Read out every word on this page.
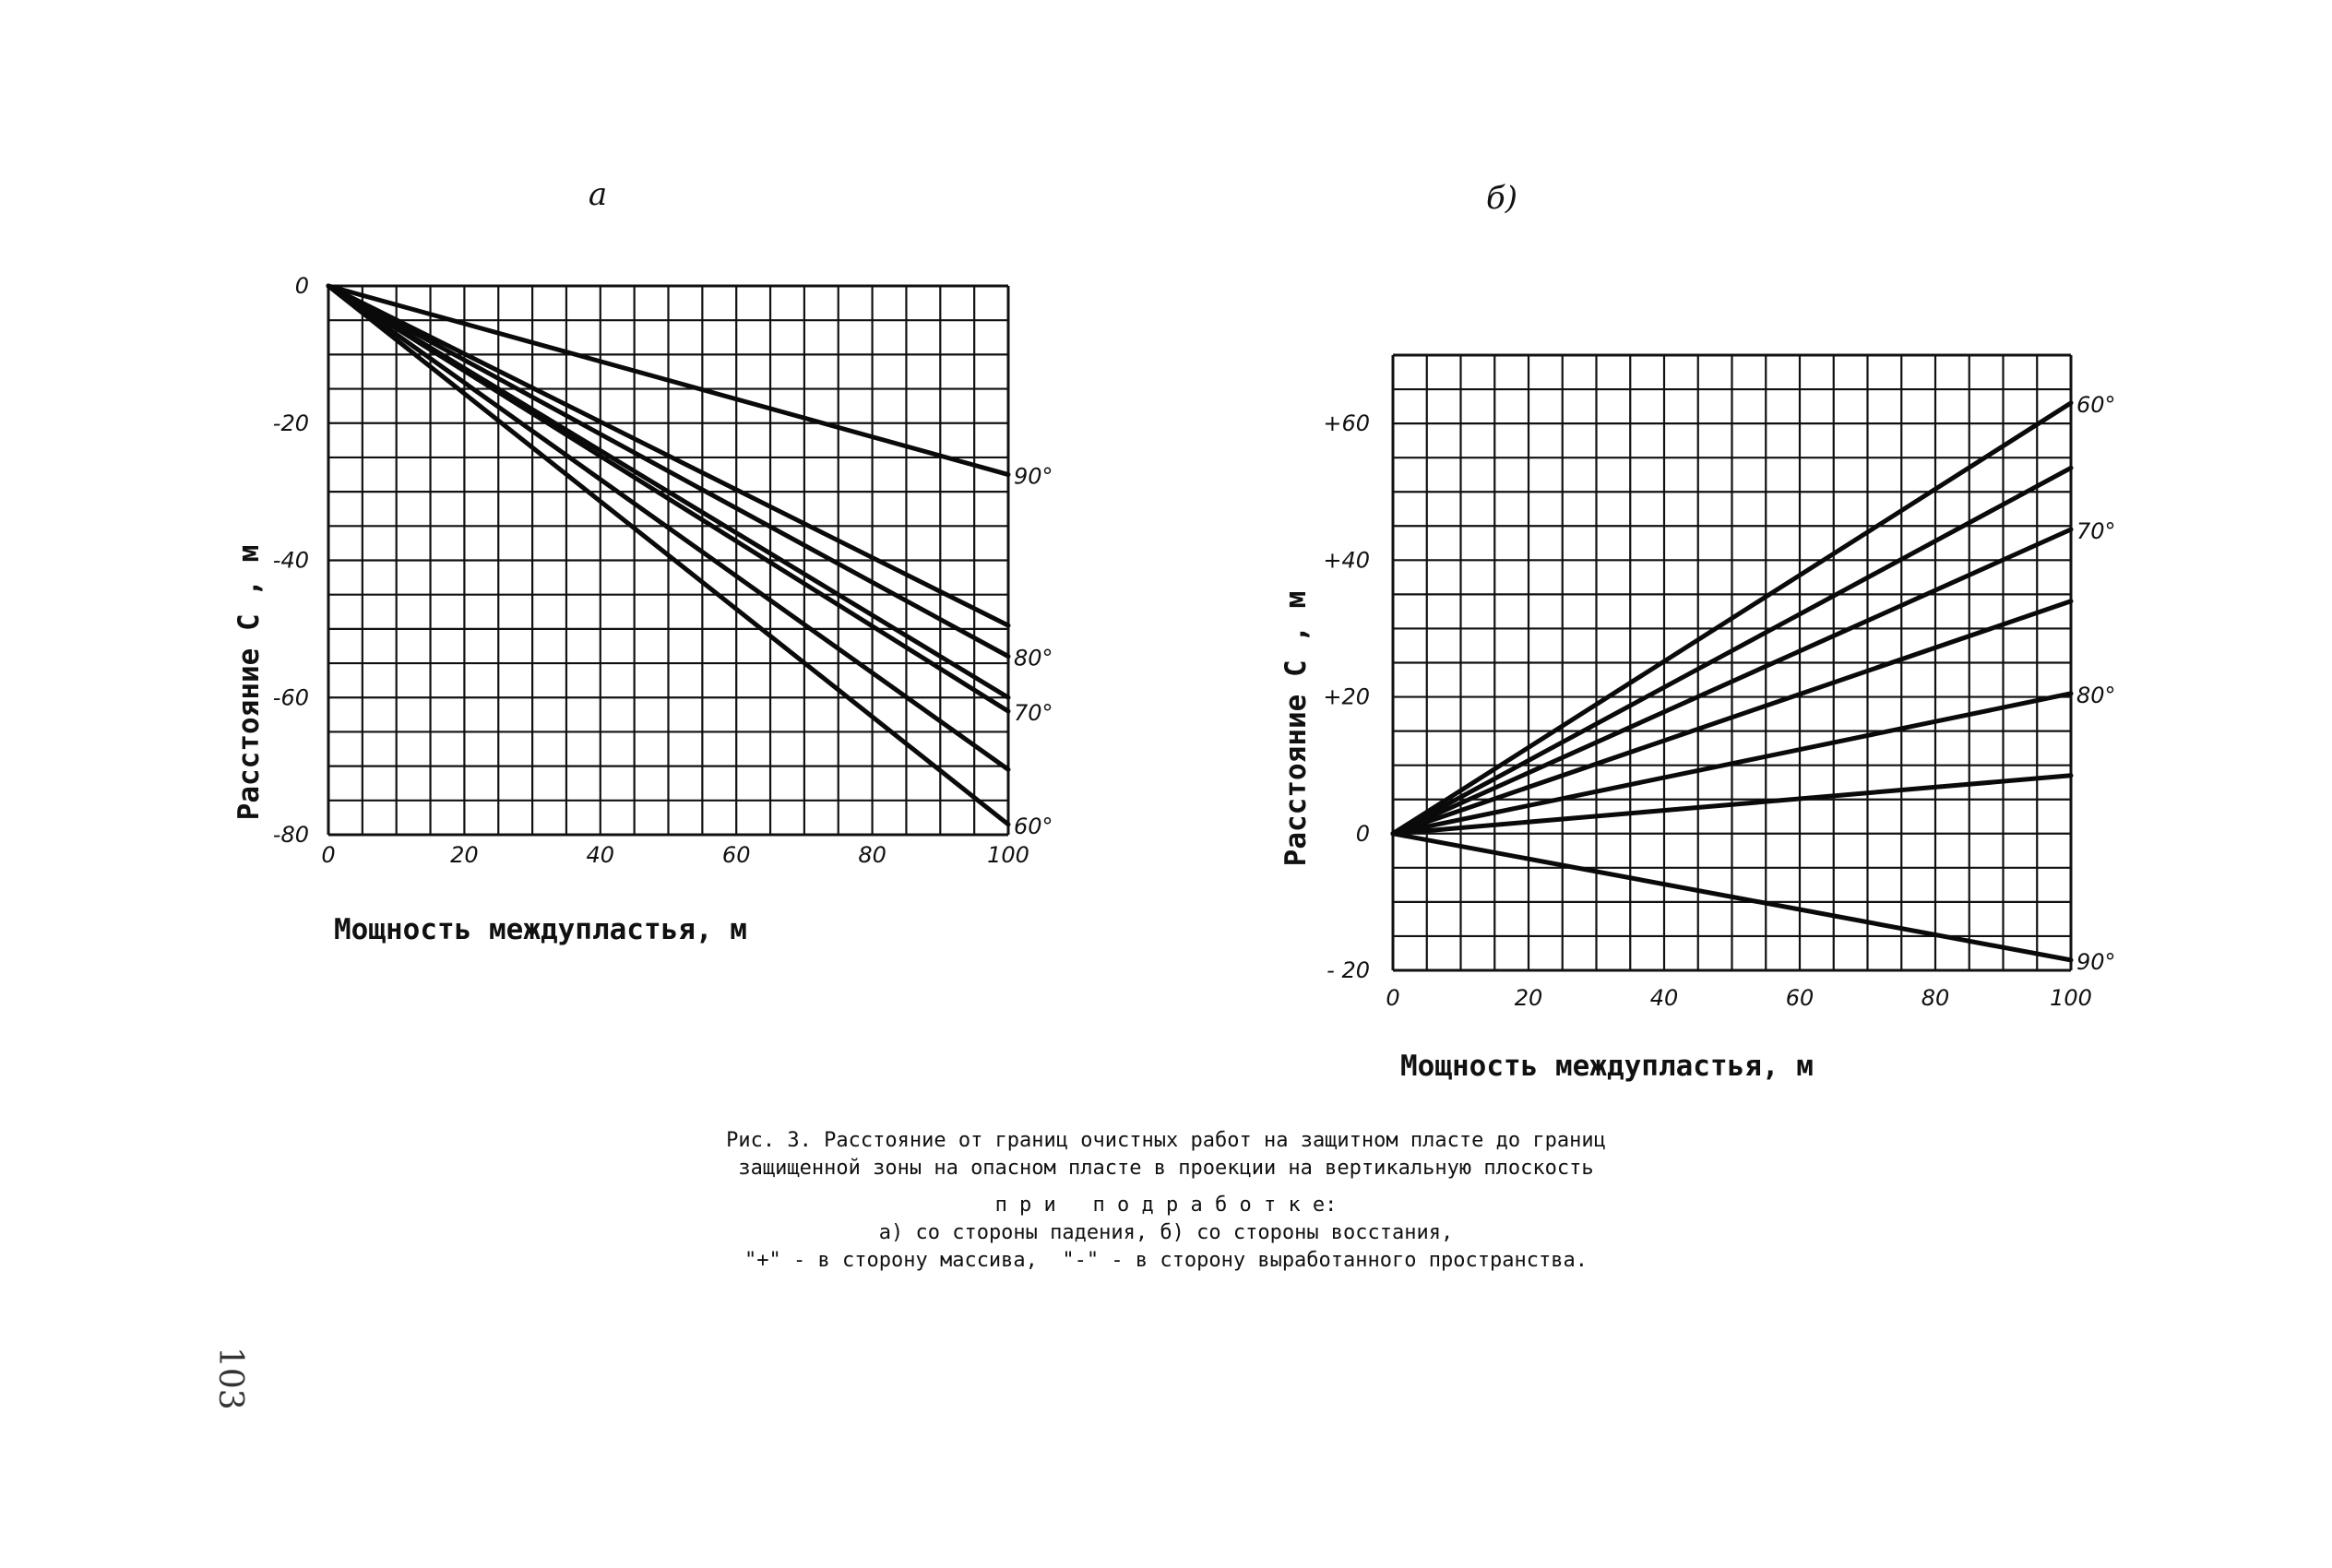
a
0	20	40	60	80	100
0
-20
-40
-60
-80
90°
80°
70°
60°
Мощность междупластья, м
Расстояние С , м
б)
0	20	40	60	80	100
+60
+40
+20
0
- 20
60°
70°
80°
90°
Мощность междупластья, м
Расстояние С , м
Рис. 3. Расстояние от границ очистных работ на защитном пласте до границ
защищенной зоны на опасном пласте в проекции на вертикальную плоскость
п р и   п о д р а б о т к е:
а) со стороны падения, б) со стороны восстания,
"+" - в сторону массива,  "-" - в сторону выработанного пространства.
103
